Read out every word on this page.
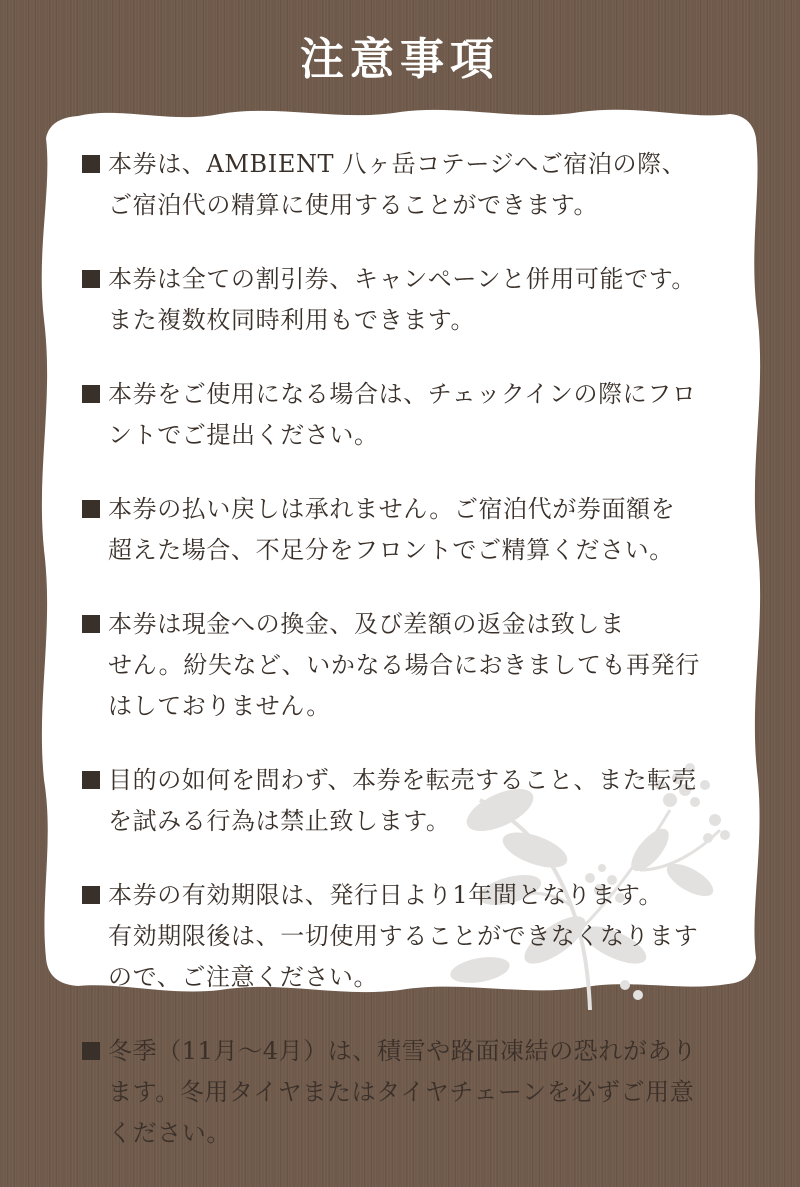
注意事項
本券は、AMBIENT 八ヶ岳コテージへご宿泊の際、
ご宿泊代の精算に使用することができます。
本券は全ての割引券、キャンペーンと併用可能です。
また複数枚同時利用もできます。
本券をご使用になる場合は、チェックインの際にフロ
ントでご提出ください。
本券の払い戻しは承れません。ご宿泊代が券面額を
超えた場合、不足分をフロントでご精算ください。
本券は現金への換金、及び差額の返金は致しま
せん。紛失など、いかなる場合におきましても再発行
はしておりません。
目的の如何を問わず、本券を転売すること、また転売
を試みる行為は禁止致します。
本券の有効期限は、発行日より1年間となります。
有効期限後は、一切使用することができなくなります
ので、ご注意ください。
冬季（11月～4月）は、積雪や路面凍結の恐れがあり
ます。冬用タイヤまたはタイヤチェーンを必ずご用意
ください。
